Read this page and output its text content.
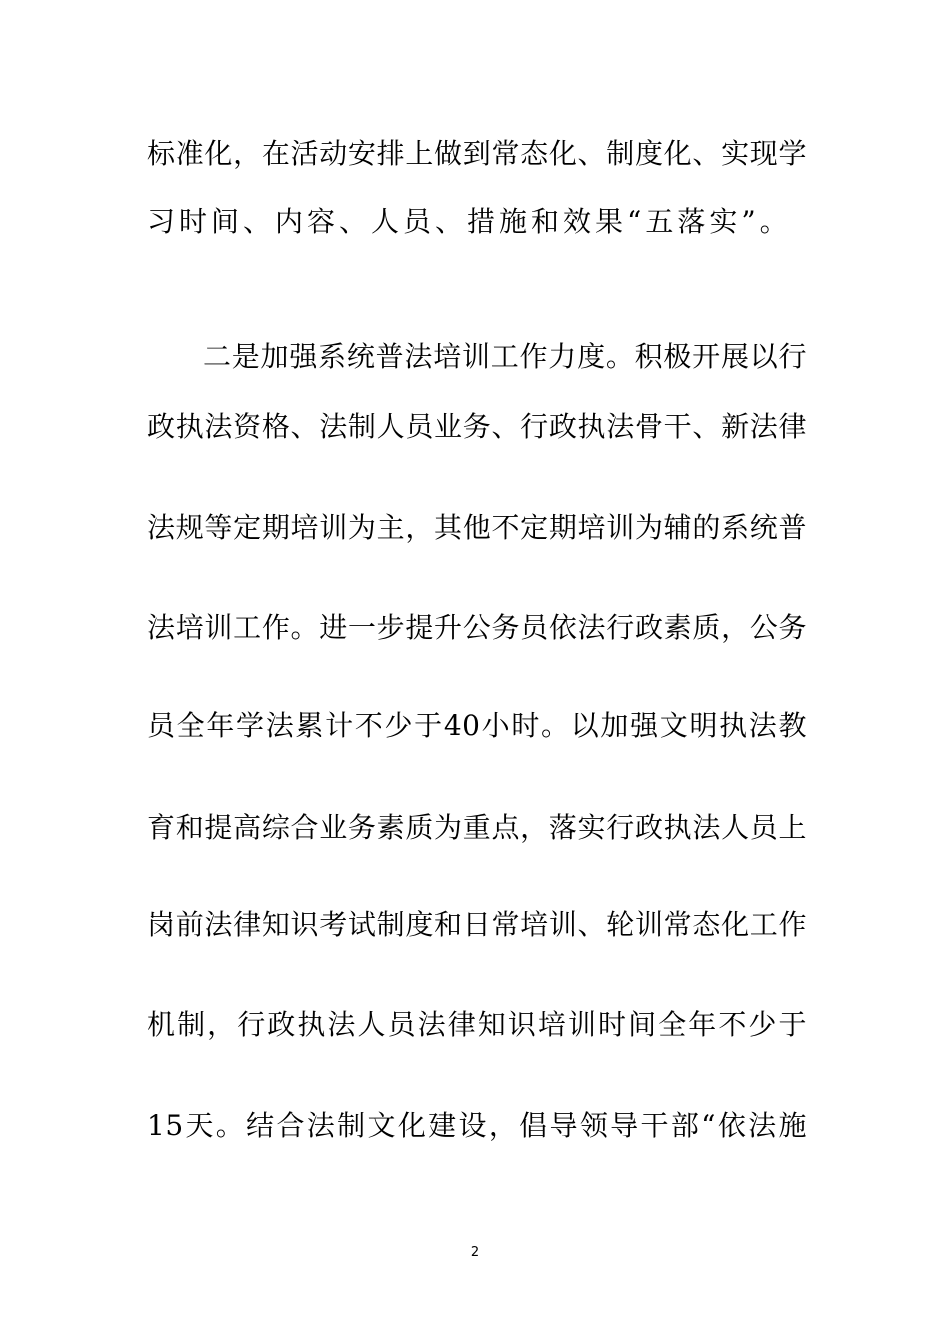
标准化，在活动安排上做到常态化、制度化、实现学
习时间、内容、人员、措施和效果“五落实”。
二是加强系统普法培训工作力度。积极开展以行
政执法资格、法制人员业务、行政执法骨干、新法律
法规等定期培训为主，其他不定期培训为辅的系统普
法培训工作。进一步提升公务员依法行政素质，公务
员全年学法累计不少于40小时。以加强文明执法教
育和提高综合业务素质为重点，落实行政执法人员上
岗前法律知识考试制度和日常培训、轮训常态化工作
机制，行政执法人员法律知识培训时间全年不少于
15天。结合法制文化建设，倡导领导干部“依法施
2
